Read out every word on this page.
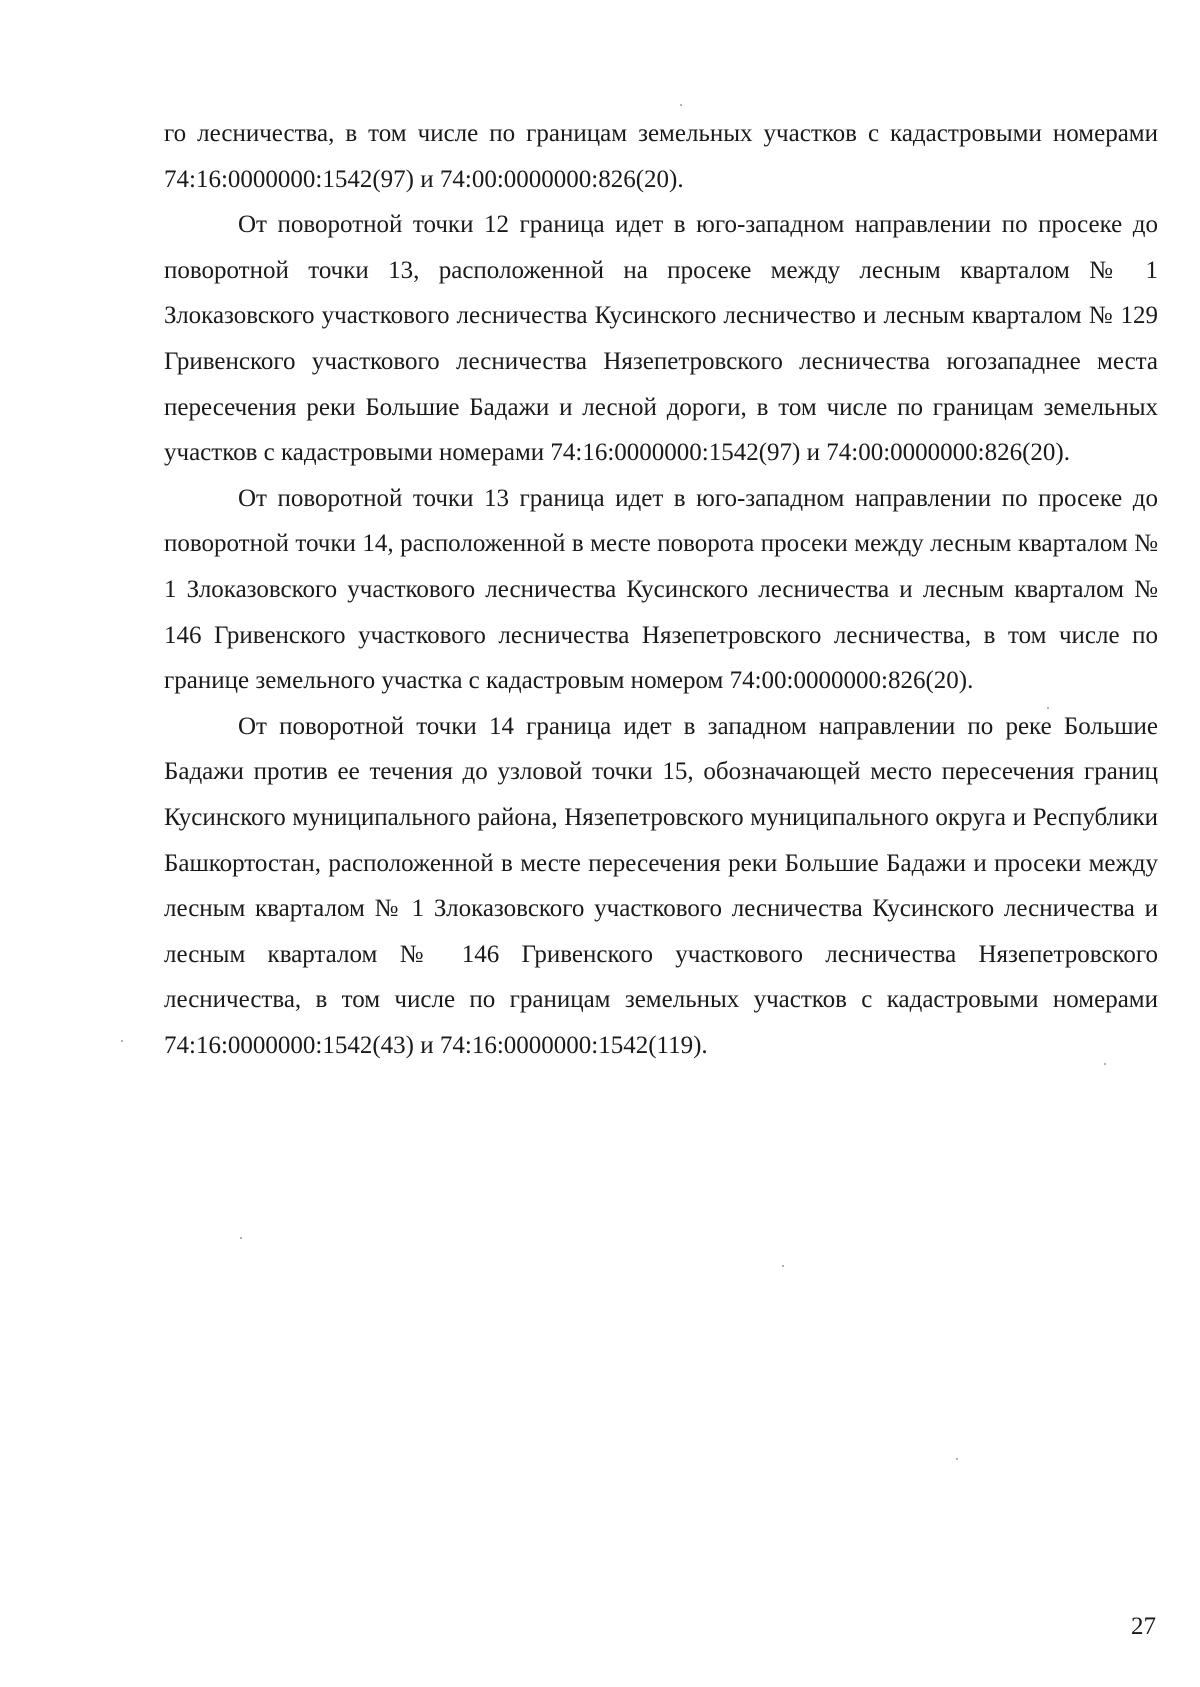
го лесничества, в том числе по границам земельных участков с кадастровыми номерами 74:16:0000000:1542(97) и 74:00:0000000:826(20).

От поворотной точки 12 граница идет в юго-западном направлении по просеке до поворотной точки 13, расположенной на просеке между лесным кварталом № 1 Злоказовского участкового лесничества Кусинского лесничество и лесным кварталом № 129 Гривенского участкового лесничества Нязепетровского лесничества югозападнее места пересечения реки Большие Бадажи и лесной дороги, в том числе по границам земельных участков с кадастровыми номерами 74:16:0000000:1542(97) и 74:00:0000000:826(20).

От поворотной точки 13 граница идет в юго-западном направлении по просеке до поворотной точки 14, расположенной в месте поворота просеки между лесным кварталом № 1 Злоказовского участкового лесничества Кусинского лесничества и лесным кварталом № 146 Гривенского участкового лесничества Нязепетровского лесничества, в том числе по границе земельного участка с кадастровым номером 74:00:0000000:826(20).

От поворотной точки 14 граница идет в западном направлении по реке Большие Бадажи против ее течения до узловой точки 15, обозначающей место пересечения границ Кусинского муниципального района, Нязепетровского муниципального округа и Республики Башкортостан, расположенной в месте пересечения реки Большие Бадажи и просеки между лесным кварталом № 1 Злоказовского участкового лесничества Кусинского лесничества и лесным кварталом № 146 Гривенского участкового лесничества Нязепетровского лесничества, в том числе по границам земельных участков с кадастровыми номерами 74:16:0000000:1542(43) и 74:16:0000000:1542(119).

27
